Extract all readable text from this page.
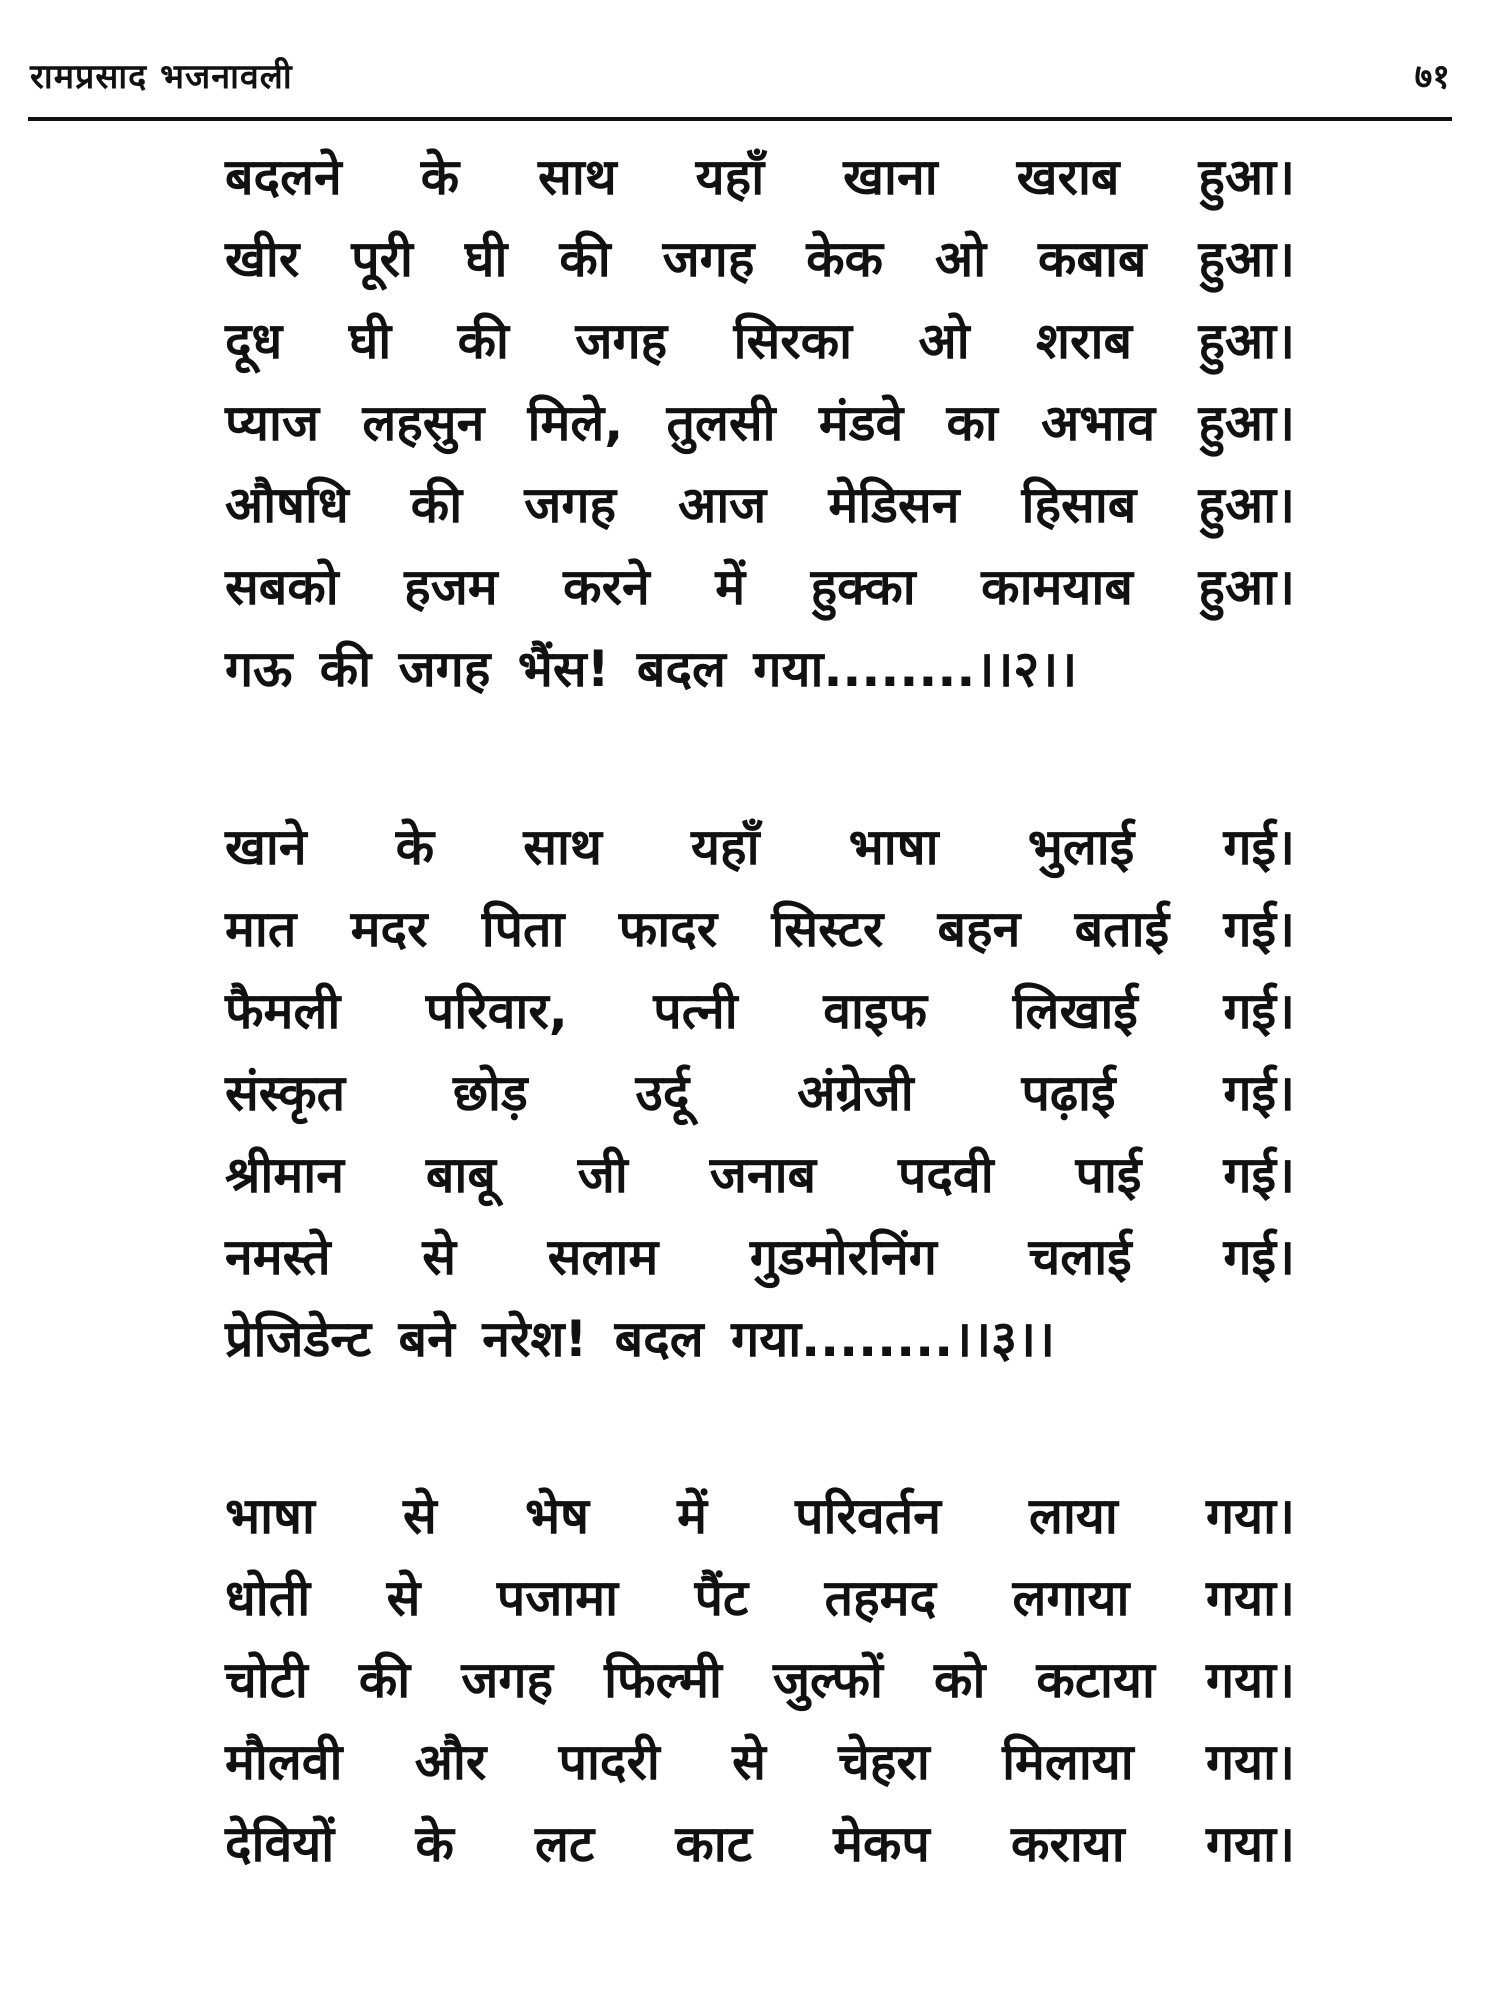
रामप्रसाद भजनावली	७१
बदलने के साथ यहाँ खाना खराब हुआ।
खीर पूरी घी की जगह केक ओ कबाब हुआ।
दूध घी की जगह सिरका ओ शराब हुआ।
प्याज लहसुन मिले, तुलसी मंडवे का अभाव हुआ।
औषधि की जगह आज मेडिसन हिसाब हुआ।
सबको हजम करने में हुक्का कामयाब हुआ।
गऊ की जगह भैंस! बदल गया........।।२।।
खाने के साथ यहाँ भाषा भुलाई गई।
मात मदर पिता फादर सिस्टर बहन बताई गई।
फैमली परिवार, पत्नी वाइफ लिखाई गई।
संस्कृत छोड़ उर्दू अंग्रेजी पढ़ाई गई।
श्रीमान बाबू जी जनाब पदवी पाई गई।
नमस्ते से सलाम गुडमोरनिंग चलाई गई।
प्रेजिडेन्ट बने नरेश! बदल गया........।।३।।
भाषा से भेष में परिवर्तन लाया गया।
धोती से पजामा पैंट तहमद लगाया गया।
चोटी की जगह फिल्मी जुल्फों को कटाया गया।
मौलवी और पादरी से चेहरा मिलाया गया।
देवियों के लट काट मेकप कराया गया।
